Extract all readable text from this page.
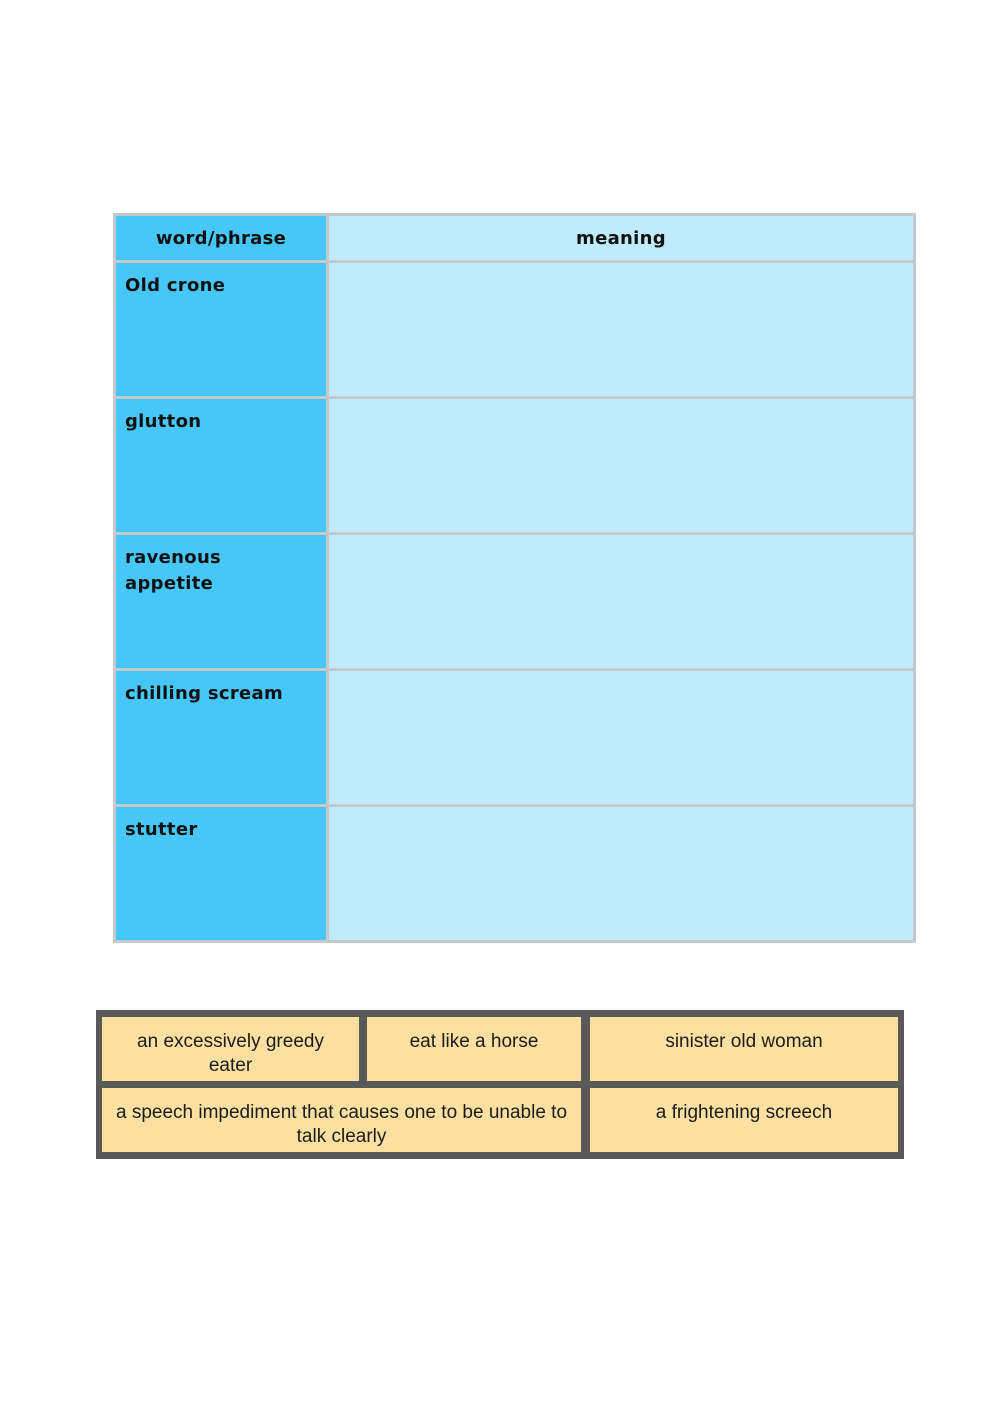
word/phrase	meaning

Old crone	

glutton	

ravenous appetite	

chilling scream	

stutter	

an excessively greedy eater
eat like a horse	sinister old woman
a speech impediment that causes one to be unable to talk clearly
a frightening screech
